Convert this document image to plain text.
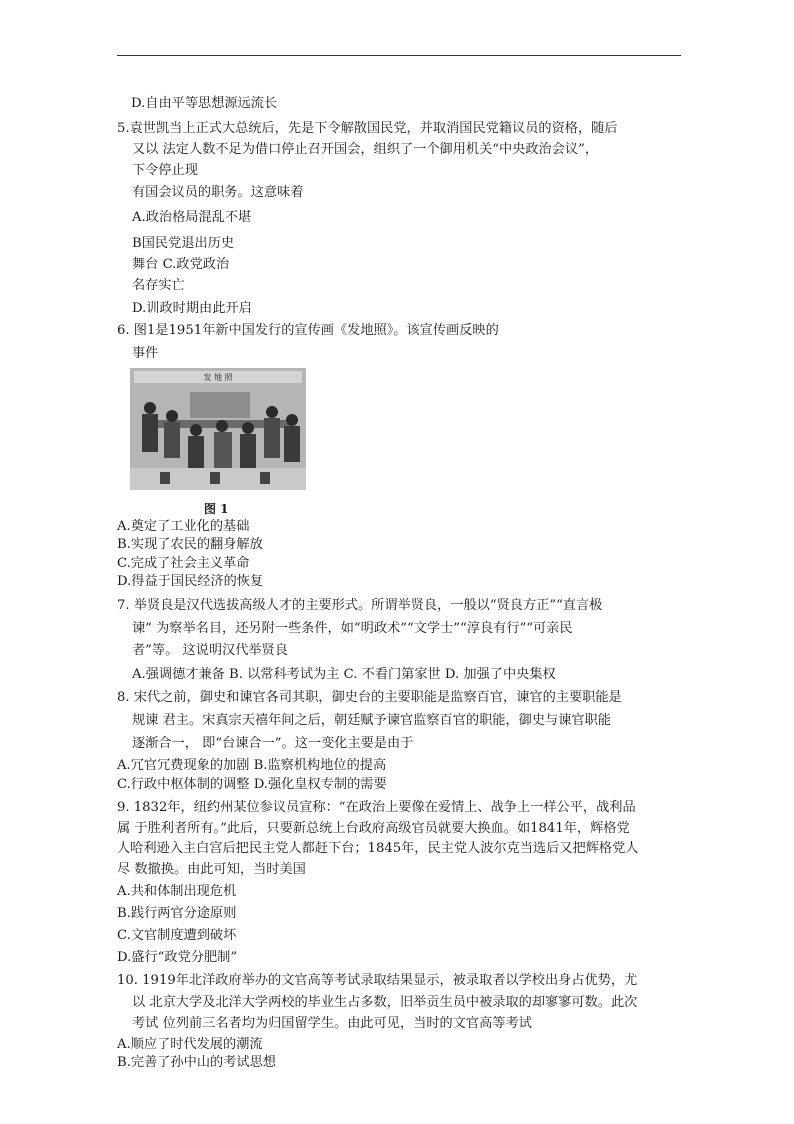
D.自由平等思想源远流长
5.袁世凯当上正式大总统后，先是下令解散国民党，并取消国民党籍议员的资格，随后
又以 法定人数不足为借口停止召开国会，组织了一个御用机关“中央政治会议”，
下令停止现
有国会议员的职务。这意味着
A.政治格局混乱不堪
B国民党退出历史
舞台 C.政党政治
名存实亡
D.训政时期由此开启
6. 图1是1951年新中国发行的宣传画《发地照》。该宣传画反映的
事件
发 地 照
图 1
A.奠定了工业化的基础
B.实现了农民的翻身解放
C.完成了社会主义革命
D.得益于国民经济的恢复
7. 举贤良是汉代选拔高级人才的主要形式。所谓举贤良，一般以“贤良方正”“直言极
谏” 为察举名目，还另附一些条件，如“明政术”“文学士”“淳良有行”“可亲民
者”等。 这说明汉代举贤良
A.强调德才兼备 B. 以常科考试为主 C. 不看门第家世 D. 加强了中央集权
8. 宋代之前，御史和谏官各司其职，御史台的主要职能是监察百官，谏官的主要职能是
规谏 君主。宋真宗天禧年间之后，朝廷赋予谏官监察百官的职能，御史与谏官职能
逐渐合一， 即“台谏合一”。这一变化主要是由于
A.冗官冗费现象的加剧 B.监察机构地位的提高
C.行政中枢体制的调整 D.强化皇权专制的需要
9. 1832年，纽约州某位参议员宣称：“在政治上要像在爱情上、战争上一样公平，战利品
属 于胜利者所有。”此后，只要新总统上台政府高级官员就要大换血。如1841年，辉格党
人哈利逊入主白宫后把民主党人都赶下台；1845年，民主党人波尔克当选后又把辉格党人
尽 数撤换。由此可知，当时美国
A.共和体制出现危机
B.践行两官分途原则
C.文官制度遭到破坏
D.盛行“政党分肥制”
10. 1919年北洋政府举办的文官高等考试录取结果显示，被录取者以学校出身占优势，尤
以 北京大学及北洋大学两校的毕业生占多数，旧举贡生员中被录取的却寥寥可数。此次
考试 位列前三名者均为归国留学生。由此可见，当时的文官高等考试
A.顺应了时代发展的潮流
B.完善了孙中山的考试思想
